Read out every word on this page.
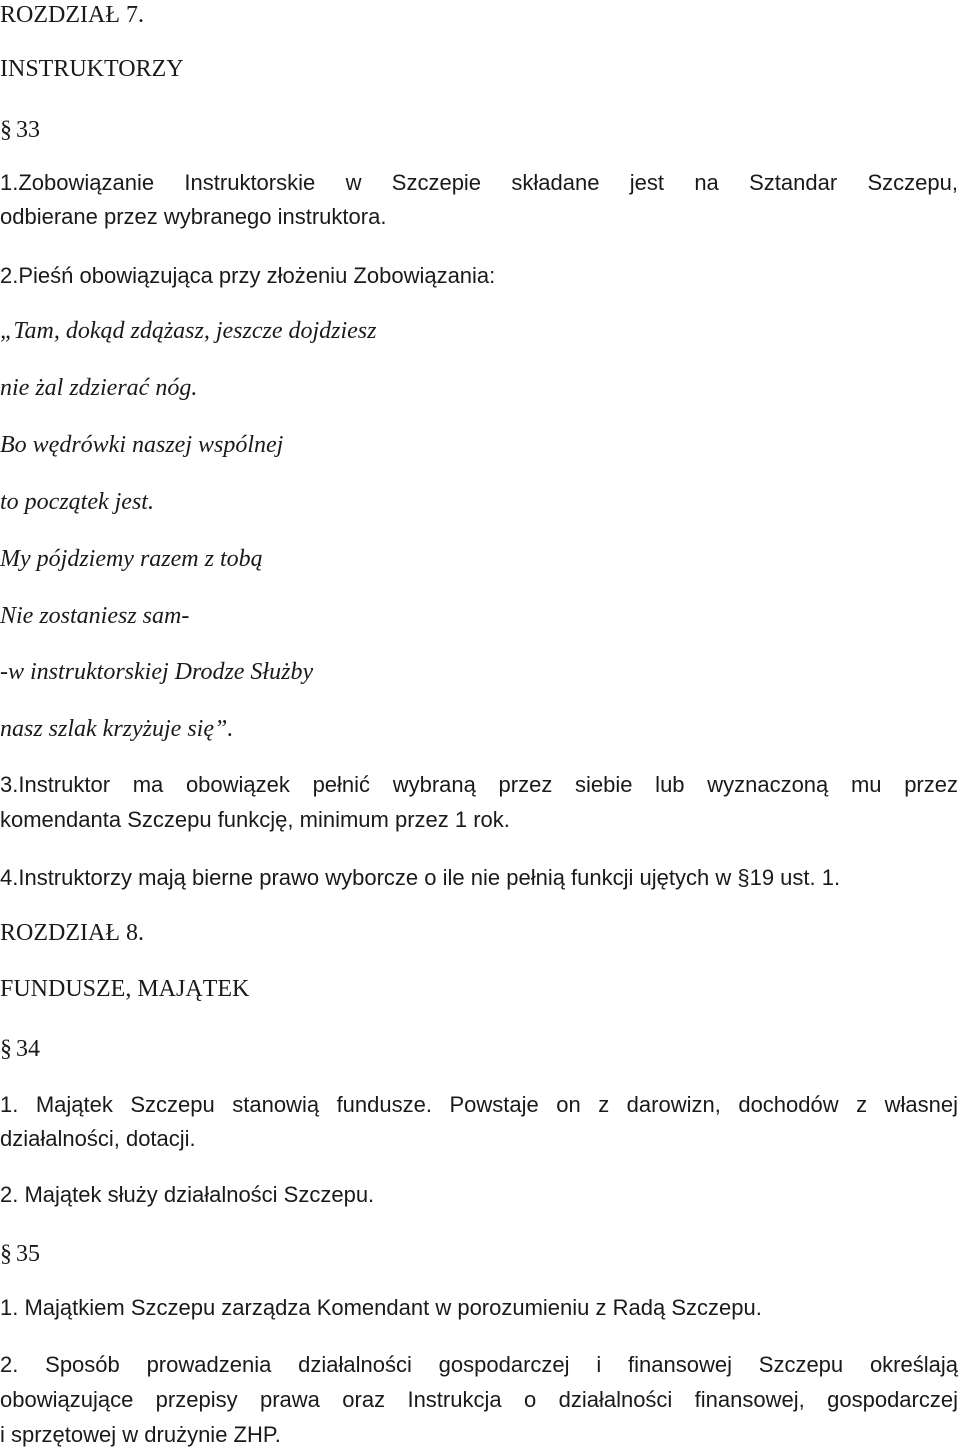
ROZDZIAŁ 7.

INSTRUKTORZY

§ 33

1.Zobowiązanie Instruktorskie w Szczepie składane jest na Sztandar Szczepu,

odbierane przez wybranego instruktora.

2.Pieśń obowiązująca przy złożeniu Zobowiązania:

„Tam, dokąd zdążasz, jeszcze dojdziesz

nie żal zdzierać nóg.

Bo wędrówki naszej wspólnej

to początek jest.

My pójdziemy razem z tobą

Nie zostaniesz sam-

-w instruktorskiej Drodze Służby

nasz szlak krzyżuje się”.

3.Instruktor ma obowiązek pełnić wybraną przez siebie lub wyznaczoną mu przez

komendanta Szczepu funkcję, minimum przez 1 rok.

4.Instruktorzy mają bierne prawo wyborcze o ile nie pełnią funkcji ujętych w §19 ust. 1.

ROZDZIAŁ 8.

FUNDUSZE, MAJĄTEK

§ 34

1. Majątek Szczepu stanowią fundusze. Powstaje on z darowizn, dochodów z własnej

działalności, dotacji.

2. Majątek służy działalności Szczepu.

§ 35

1. Majątkiem Szczepu zarządza Komendant w porozumieniu z Radą Szczepu.

2. Sposób prowadzenia działalności gospodarczej i finansowej Szczepu określają
obowiązujące przepisy prawa oraz Instrukcja o działalności finansowej, gospodarczej

i sprzętowej w drużynie ZHP.
